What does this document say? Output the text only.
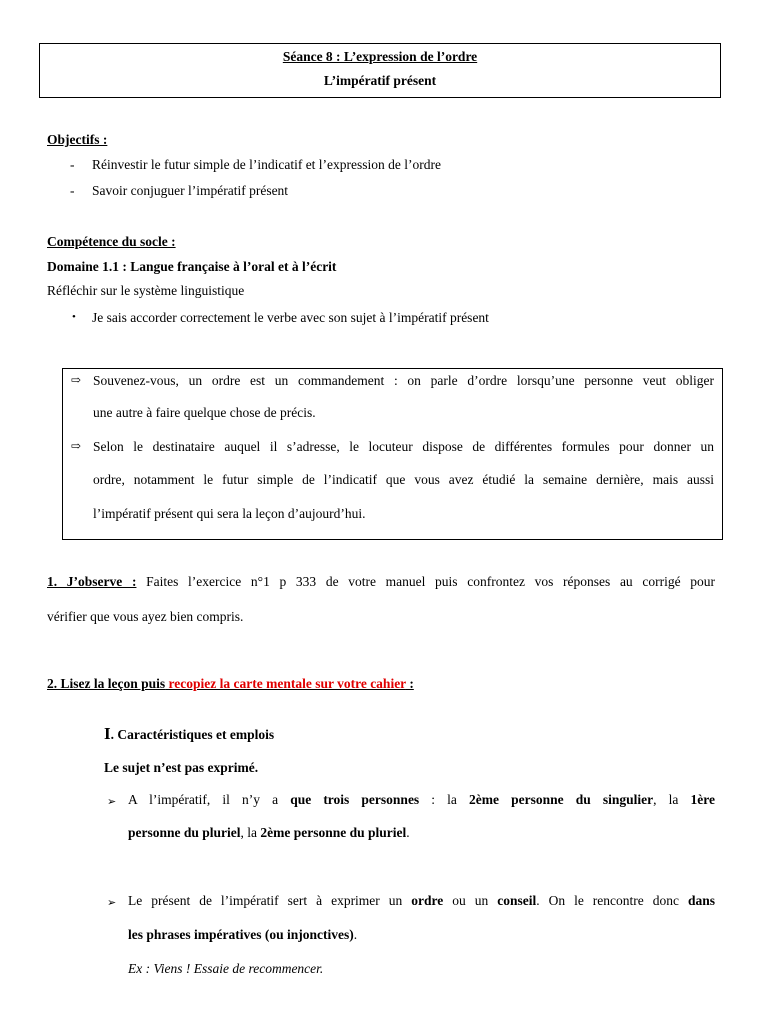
Séance 8 : L’expression de l’ordre
L’impératif présent
Objectifs :
- Réinvestir le futur simple de l’indicatif et l’expression de l’ordre
- Savoir conjuguer l’impératif présent
Compétence du socle :
Domaine 1.1 : Langue française à l’oral et à l’écrit
Réfléchir sur le système linguistique
• Je sais accorder correctement le verbe avec son sujet à l’impératif présent
⇨ Souvenez-vous, un ordre est un commandement : on parle d’ordre lorsqu’une personne veut obliger
une autre à faire quelque chose de précis.
⇨ Selon le destinataire auquel il s’adresse, le locuteur dispose de différentes formules pour donner un
ordre, notamment le futur simple de l’indicatif que vous avez étudié la semaine dernière, mais aussi
l’impératif présent qui sera la leçon d’aujourd’hui.
1. J’observe : Faites l’exercice n°1 p 333 de votre manuel puis confrontez vos réponses au corrigé pour
vérifier que vous ayez bien compris.
2. Lisez la leçon puis recopiez la carte mentale sur votre cahier :
I. Caractéristiques et emplois
Le sujet n’est pas exprimé.
➢ A l’impératif, il n’y a que trois personnes : la 2ème personne du singulier, la 1ère
personne du pluriel, la 2ème personne du pluriel.
➢ Le présent de l’impératif sert à exprimer un ordre ou un conseil. On le rencontre donc dans
les phrases impératives (ou injonctives).
Ex : Viens ! Essaie de recommencer.
